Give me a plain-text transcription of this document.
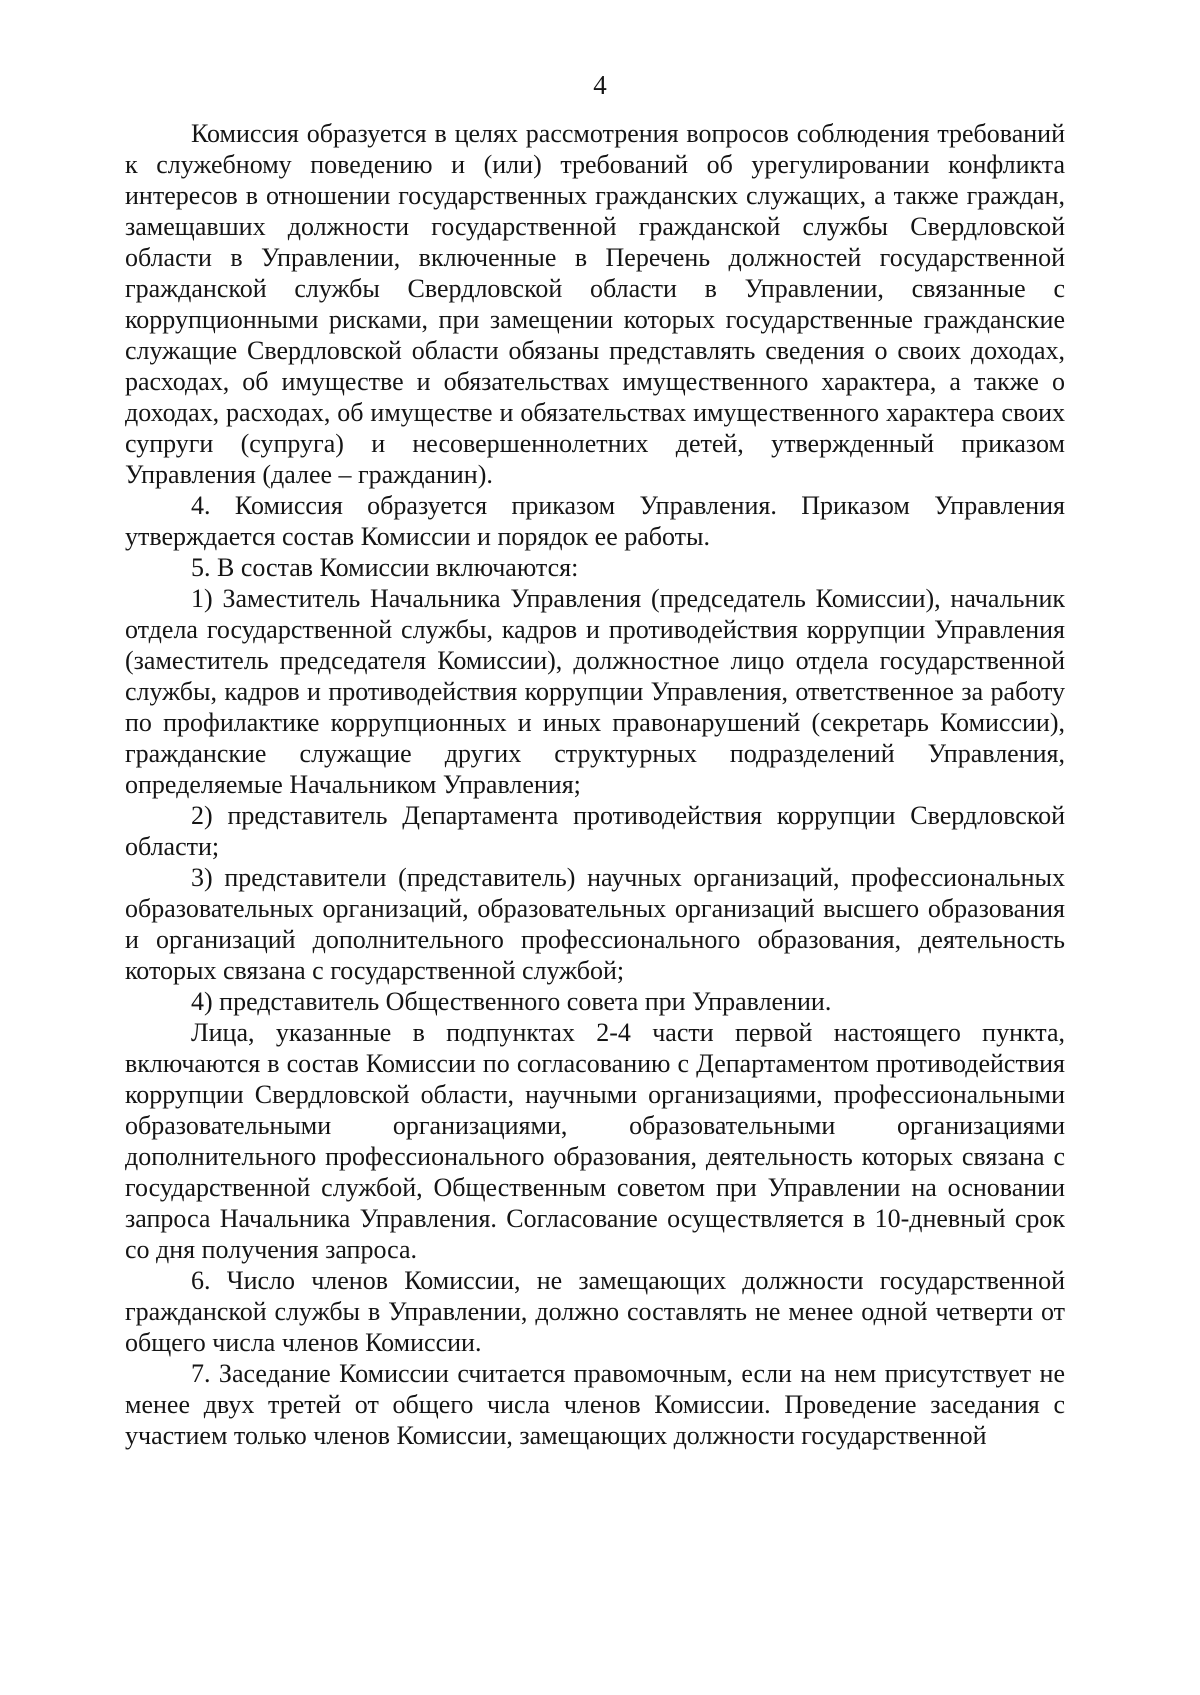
4

Комиссия образуется в целях рассмотрения вопросов соблюдения требований к служебному поведению и (или) требований об урегулировании конфликта интересов в отношении государственных гражданских служащих, а также граждан, замещавших должности государственной гражданской службы Свердловской области в Управлении, включенные в Перечень должностей государственной гражданской службы Свердловской области в Управлении, связанные с коррупционными рисками, при замещении которых государственные гражданские служащие Свердловской области обязаны представлять сведения о своих доходах, расходах, об имуществе и обязательствах имущественного характера, а также о доходах, расходах, об имуществе и обязательствах имущественного характера своих супруги (супруга) и несовершеннолетних детей, утвержденный приказом Управления (далее – гражданин).

4. Комиссия образуется приказом Управления. Приказом Управления утверждается состав Комиссии и порядок ее работы.

5. В состав Комиссии включаются:

1) Заместитель Начальника Управления (председатель Комиссии), начальник отдела государственной службы, кадров и противодействия коррупции Управления (заместитель председателя Комиссии), должностное лицо отдела государственной службы, кадров и противодействия коррупции Управления, ответственное за работу по профилактике коррупционных и иных правонарушений (секретарь Комиссии), гражданские служащие других структурных подразделений Управления, определяемые Начальником Управления;

2) представитель Департамента противодействия коррупции Свердловской области;

3) представители (представитель) научных организаций, профессиональных образовательных организаций, образовательных организаций высшего образования и организаций дополнительного профессионального образования, деятельность которых связана с государственной службой;

4) представитель Общественного совета при Управлении.

Лица, указанные в подпунктах 2-4 части первой настоящего пункта, включаются в состав Комиссии по согласованию с Департаментом противодействия коррупции Свердловской области, научными организациями, профессиональными образовательными организациями, образовательными организациями дополнительного профессионального образования, деятельность которых связана с государственной службой, Общественным советом при Управлении на основании запроса Начальника Управления. Согласование осуществляется в 10-дневный срок со дня получения запроса.

6. Число членов Комиссии, не замещающих должности государственной гражданской службы в Управлении, должно составлять не менее одной четверти от общего числа членов Комиссии.

7. Заседание Комиссии считается правомочным, если на нем присутствует не менее двух третей от общего числа членов Комиссии. Проведение заседания с участием только членов Комиссии, замещающих должности государственной
